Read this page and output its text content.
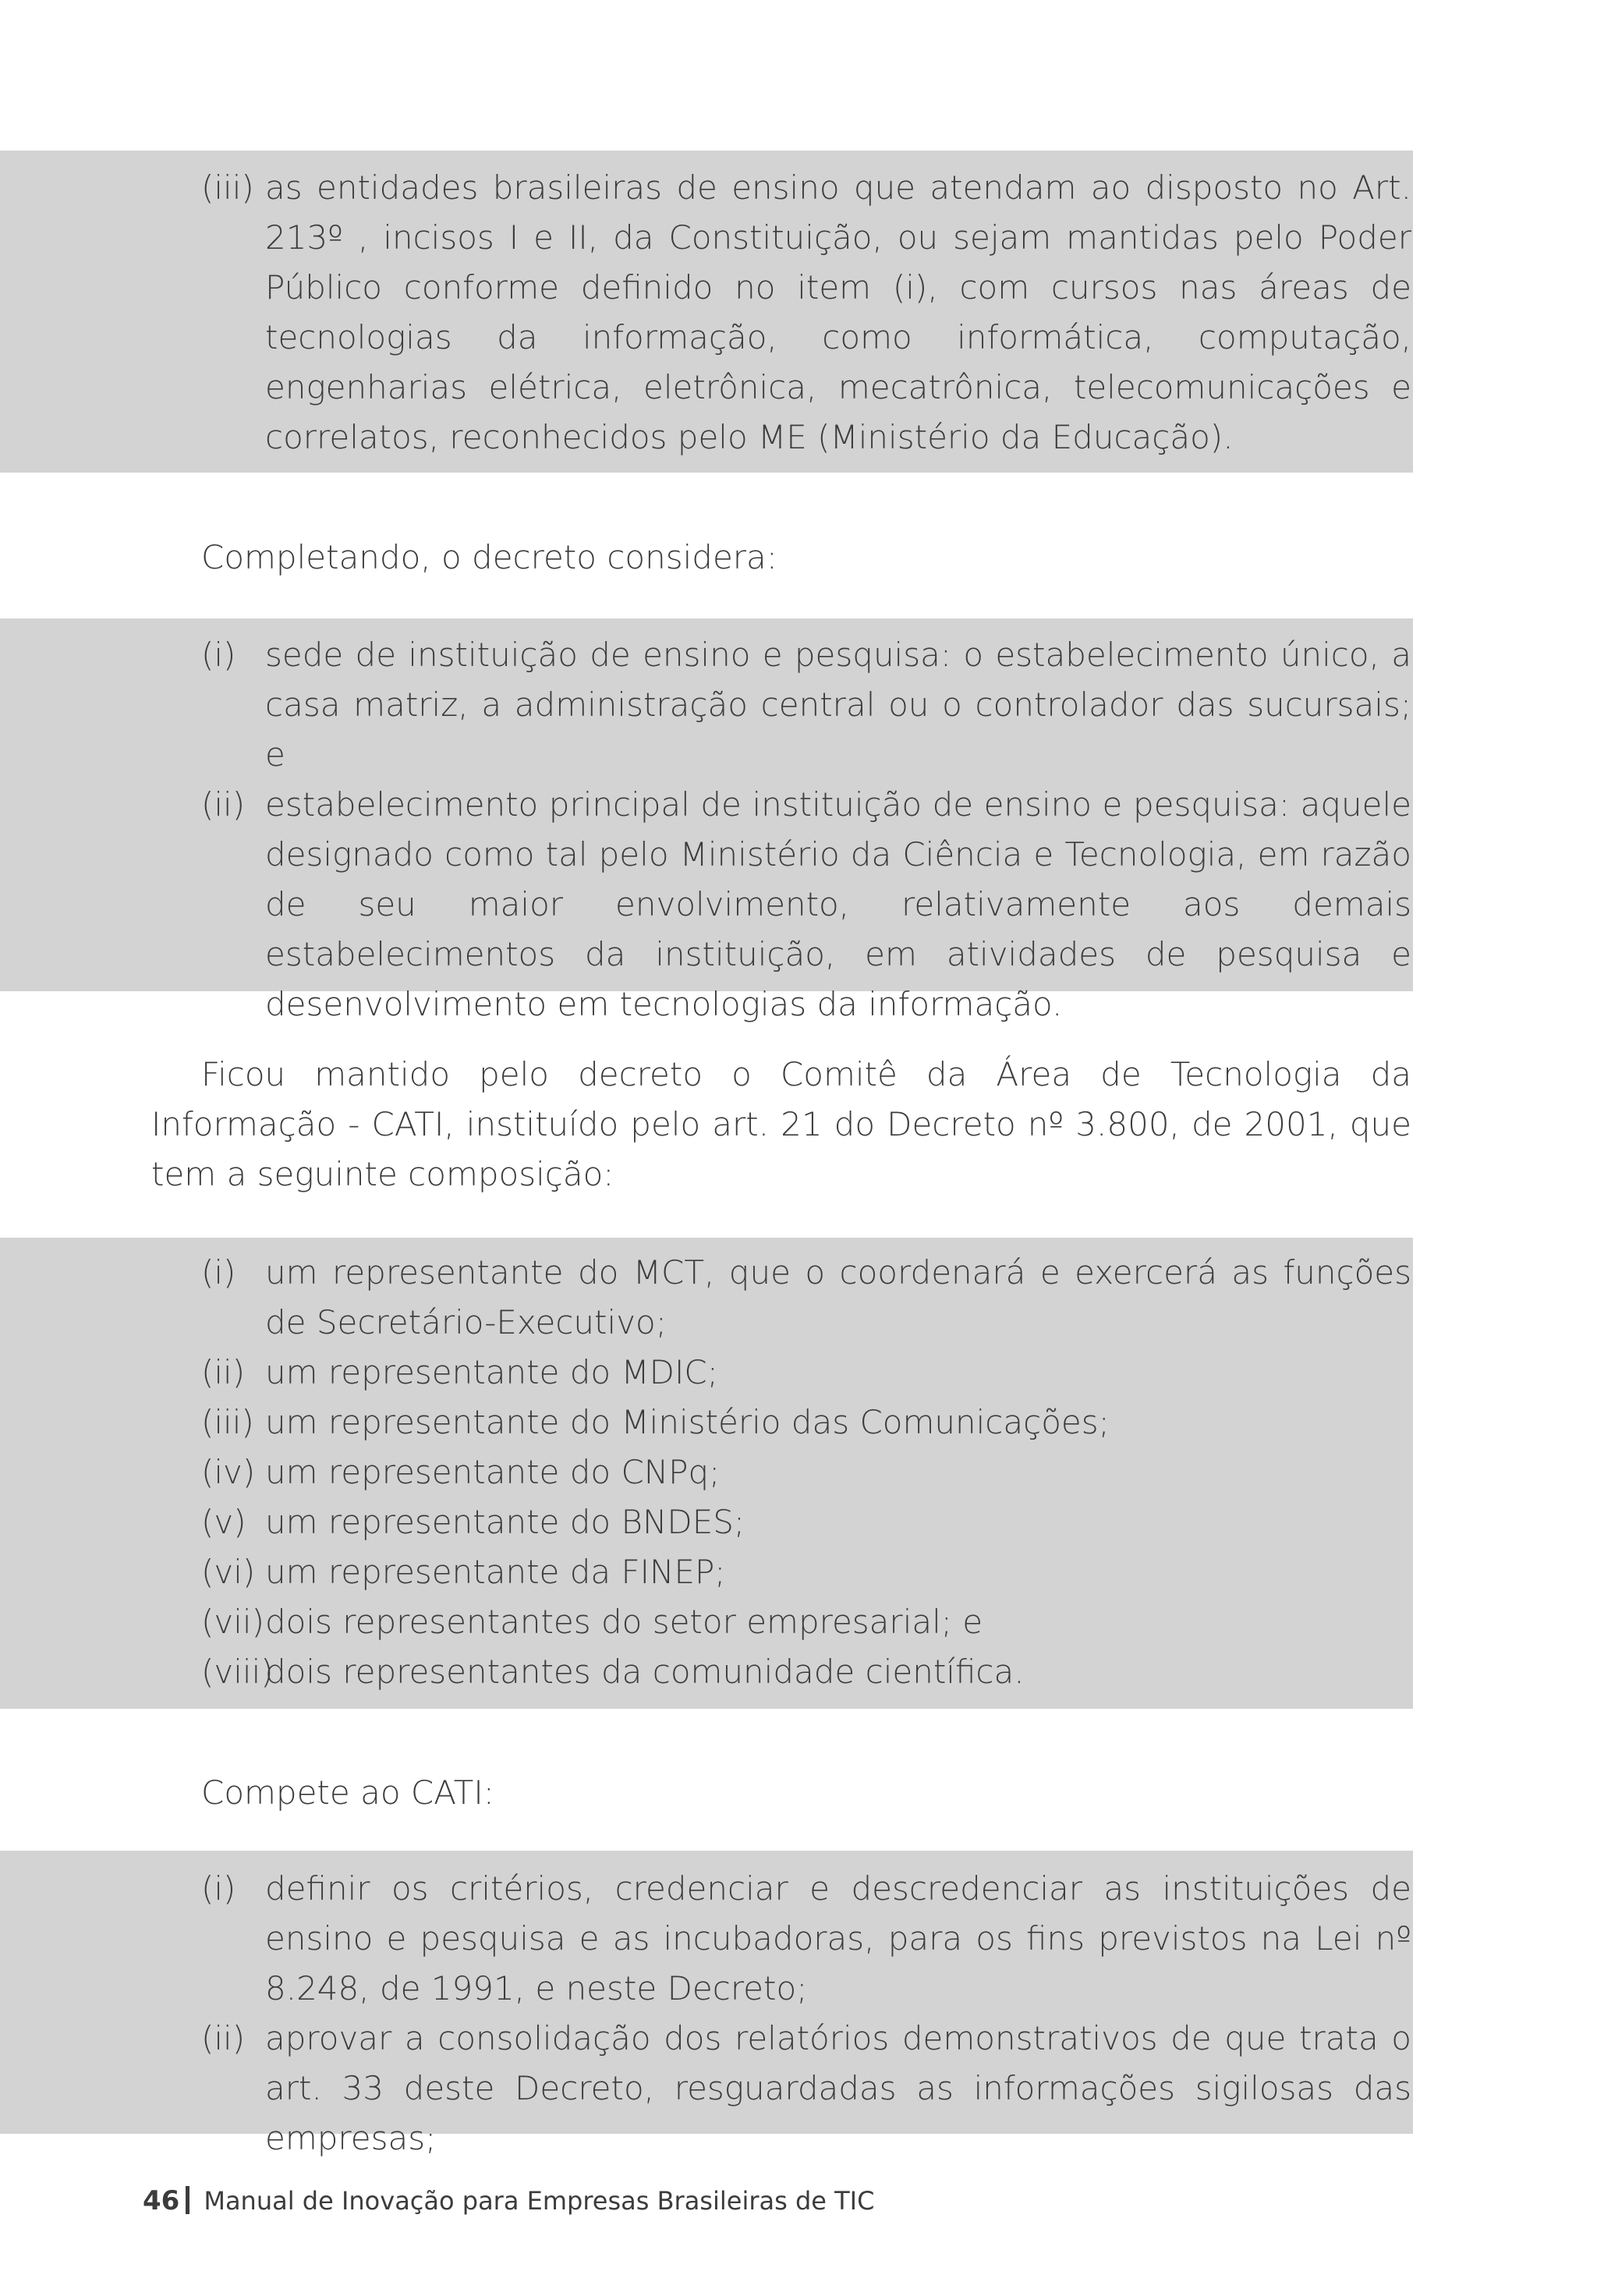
(iii) as entidades brasileiras de ensino que atendam ao disposto no Art. 213º , incisos I e II, da Constituição, ou sejam mantidas pelo Poder Público conforme definido no item (i), com cursos nas áreas de tecnologias da informação, como informática, computação, engenharias elétrica, eletrônica, mecatrônica, telecomunicações e correlatos, reconhecidos pelo ME (Ministério da Educação).
Completando, o decreto considera:
(i) sede de instituição de ensino e pesquisa: o estabelecimento único, a casa matriz, a administração central ou o controlador das sucursais; e
(ii) estabelecimento principal de instituição de ensino e pesquisa: aquele designado como tal pelo Ministério da Ciência e Tecnologia, em razão de seu maior envolvimento, relativamente aos demais estabelecimentos da instituição, em atividades de pesquisa e desenvolvimento em tecnologias da informação.
Ficou mantido pelo decreto o Comitê da Área de Tecnologia da Informação - CATI, instituído pelo art. 21 do Decreto nº 3.800, de 2001, que tem a seguinte composição:
(i) um representante do MCT, que o coordenará e exercerá as funções de Secretário-Executivo;
(ii) um representante do MDIC;
(iii) um representante do Ministério das Comunicações;
(iv) um representante do CNPq;
(v) um representante do BNDES;
(vi) um representante da FINEP;
(vii) dois representantes do setor empresarial; e
(viii)
dois representantes da comunidade científica.
Compete ao CATI:
(i) definir os critérios, credenciar e descredenciar as instituições de ensino e pesquisa e as incubadoras, para os fins previstos na Lei nº 8.248, de 1991, e neste Decreto;
(ii) aprovar a consolidação dos relatórios demonstrativos de que trata o art. 33 deste Decreto, resguardadas as informações sigilosas das empresas;
46 Manual de Inovação para Empresas Brasileiras de TIC
